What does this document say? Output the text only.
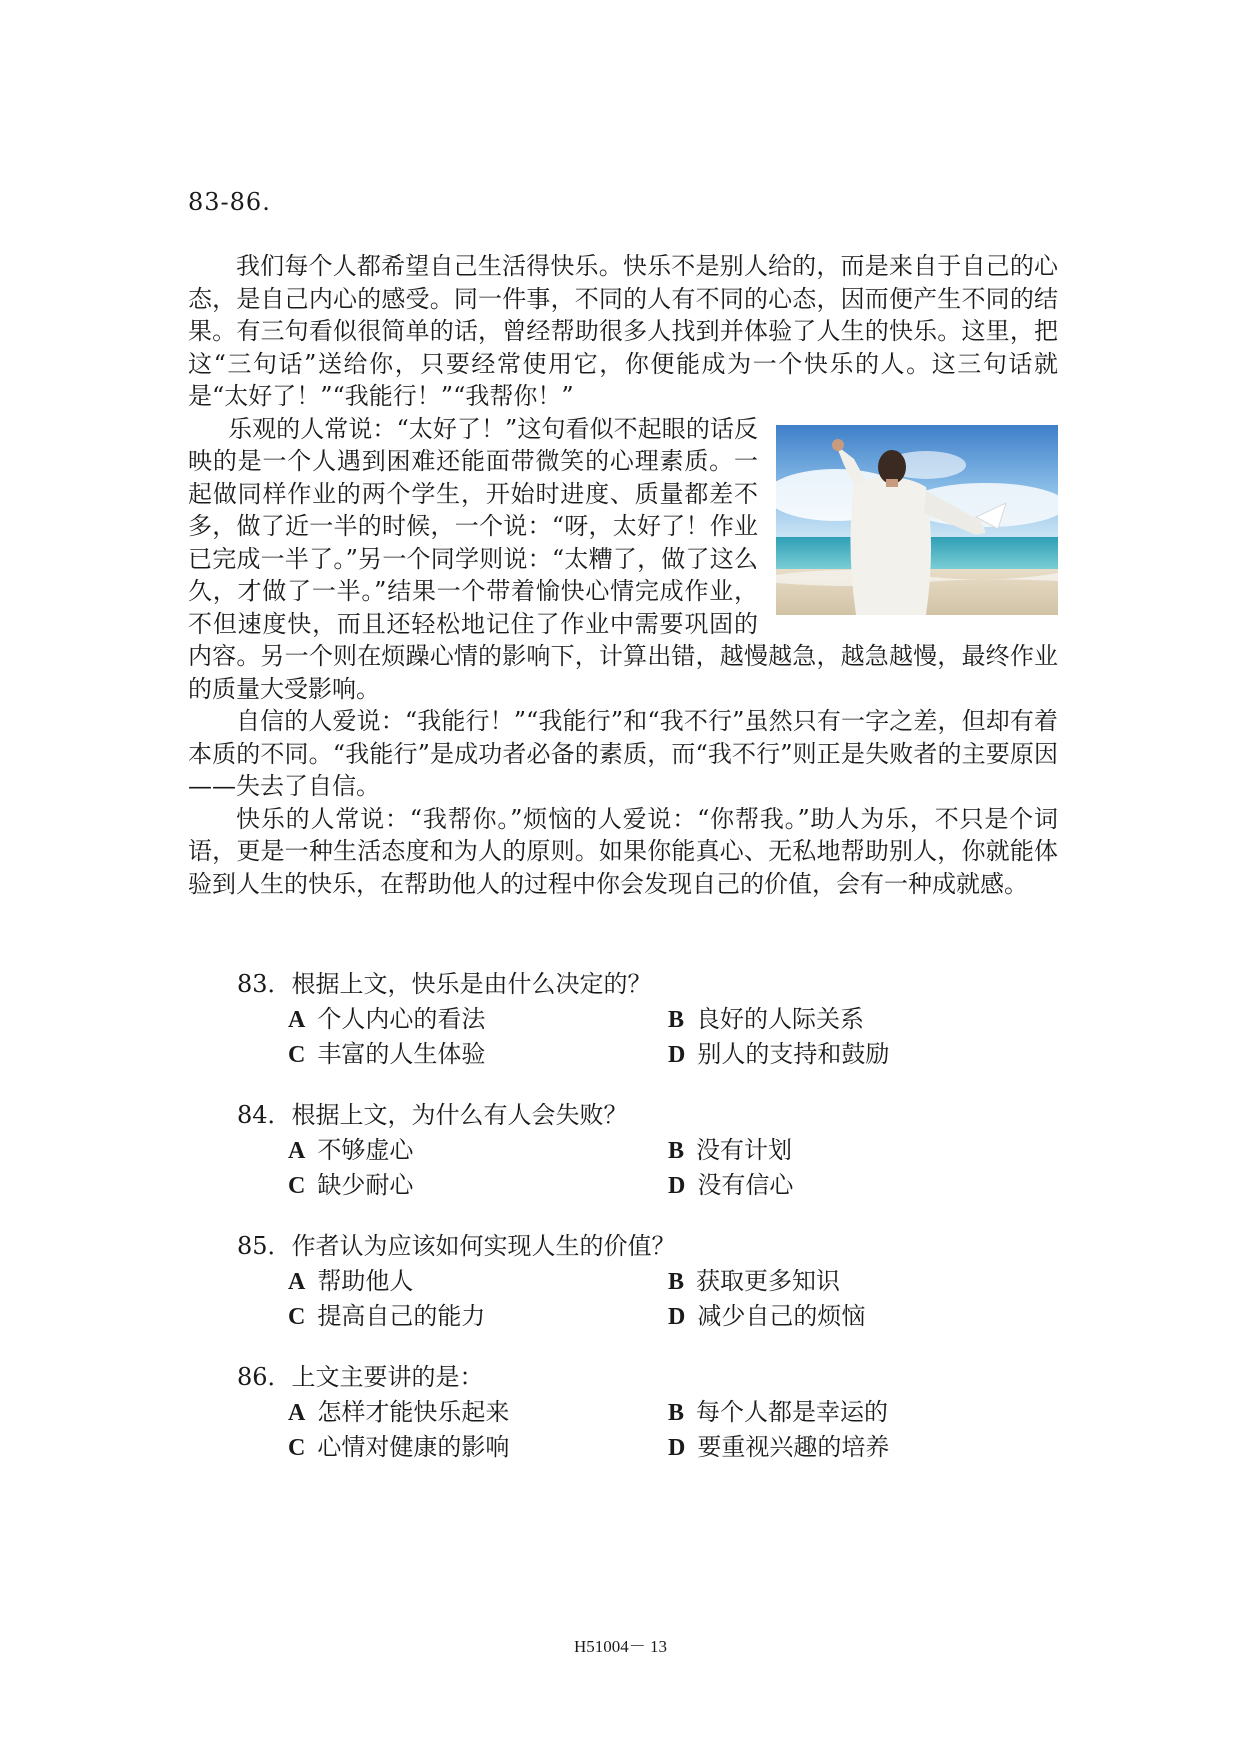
83-86.

我们每个人都希望自己生活得快乐。快乐不是别人给的，而是来自于自己的心态，是自己内心的感受。同一件事，不同的人有不同的心态，因而便产生不同的结果。有三句看似很简单的话，曾经帮助很多人找到并体验了人生的快乐。这里，把这“三句话”送给你，只要经常使用它，你便能成为一个快乐的人。这三句话就是“太好了！”“我能行！”“我帮你！”

乐观的人常说：“太好了！”这句看似不起眼的话反映的是一个人遇到困难还能面带微笑的心理素质。一起做同样作业的两个学生，开始时进度、质量都差不多，做了近一半的时候，一个说：“呀，太好了！作业已完成一半了。”另一个同学则说：“太糟了，做了这么久，才做了一半。”结果一个带着愉快心情完成作业，不但速度快，而且还轻松地记住了作业中需要巩固的内容。另一个则在烦躁心情的影响下，计算出错，越慢越急，越急越慢，最终作业的质量大受影响。

自信的人爱说：“我能行！”“我能行”和“我不行”虽然只有一字之差，但却有着本质的不同。“我能行”是成功者必备的素质，而“我不行”则正是失败者的主要原因——失去了自信。

快乐的人常说：“我帮你。”烦恼的人爱说：“你帮我。”助人为乐，不只是个词语，更是一种生活态度和为人的原则。如果你能真心、无私地帮助别人，你就能体验到人生的快乐，在帮助他人的过程中你会发现自己的价值，会有一种成就感。

83．根据上文，快乐是由什么决定的？
A 个人内心的看法	B 良好的人际关系
C 丰富的人生体验	D 别人的支持和鼓励
84．根据上文，为什么有人会失败？
A 不够虚心	B 没有计划
C 缺少耐心	D 没有信心
85．作者认为应该如何实现人生的价值？
A 帮助他人	B 获取更多知识
C 提高自己的能力	D 减少自己的烦恼
86．上文主要讲的是：
A 怎样才能快乐起来	B 每个人都是幸运的
C 心情对健康的影响	D 要重视兴趣的培养
H51004－ 13
